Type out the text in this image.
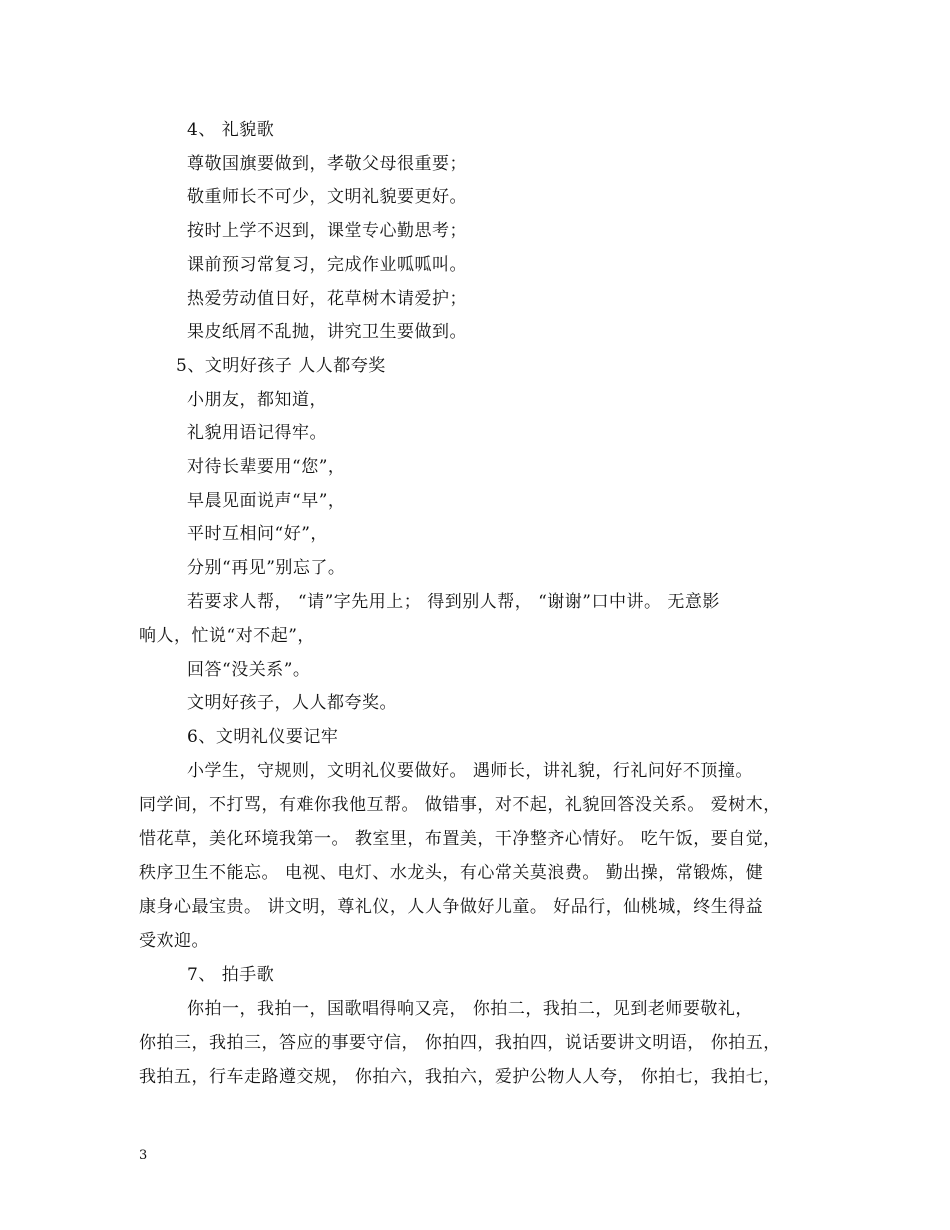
4、 礼貌歌
尊敬国旗要做到，孝敬父母很重要；
敬重师长不可少，文明礼貌要更好。
按时上学不迟到，课堂专心勤思考；
课前预习常复习，完成作业呱呱叫。
热爱劳动值日好，花草树木请爱护；
果皮纸屑不乱抛，讲究卫生要做到。
5、文明好孩子 人人都夸奖
小朋友，都知道，
礼貌用语记得牢。
对待长辈要用“您”，
早晨见面说声“早”，
平时互相问“好”，
分别“再见”别忘了。
若要求人帮， “请”字先用上； 得到别人帮， “谢谢”口中讲。 无意影
响人，忙说“对不起”，
回答“没关系”。
文明好孩子，人人都夸奖。
6、文明礼仪要记牢
小学生，守规则，文明礼仪要做好。 遇师长，讲礼貌，行礼问好不顶撞。
同学间，不打骂，有难你我他互帮。 做错事，对不起，礼貌回答没关系。 爱树木，
惜花草，美化环境我第一。 教室里，布置美，干净整齐心情好。 吃午饭，要自觉，
秩序卫生不能忘。 电视、电灯、水龙头，有心常关莫浪费。 勤出操，常锻炼，健
康身心最宝贵。 讲文明，尊礼仪，人人争做好儿童。 好品行，仙桃城，终生得益
受欢迎。
7、 拍手歌
你拍一，我拍一，国歌唱得响又亮， 你拍二，我拍二，见到老师要敬礼，
你拍三，我拍三，答应的事要守信， 你拍四，我拍四，说话要讲文明语， 你拍五，
我拍五，行车走路遵交规， 你拍六，我拍六，爱护公物人人夸， 你拍七，我拍七，
3
